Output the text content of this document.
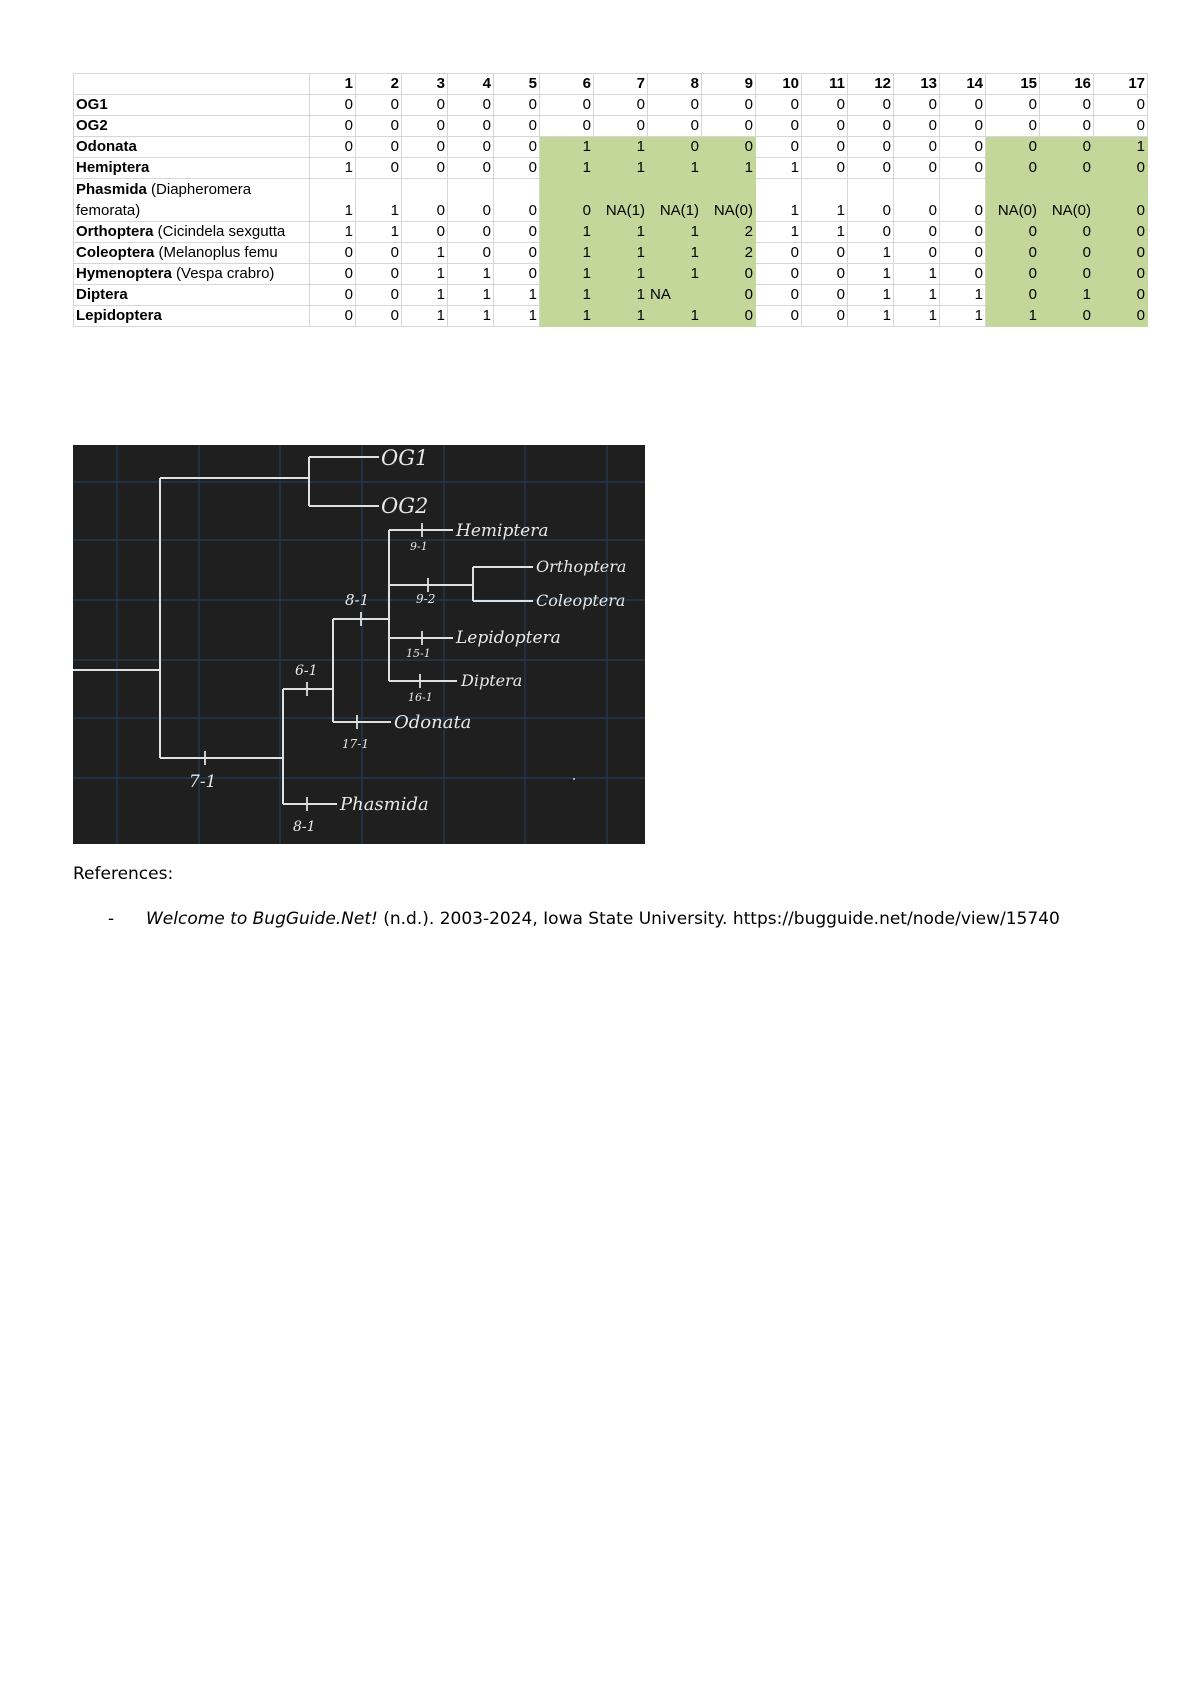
	1	2	3	4	5	6	7	8	9	10	11	12	13	14	15	16	17
OG1	0	0	0	0	0	0	0	0	0	0	0	0	0	0	0	0	0
OG2	0	0	0	0	0	0	0	0	0	0	0	0	0	0	0	0	0
Odonata	0	0	0	0	0	1	1	0	0	0	0	0	0	0	0	0	1
Hemiptera	1	0	0	0	0	1	1	1	1	1	0	0	0	0	0	0	0
Phasmida (Diapheromera femorata)	1	1	0	0	0	0	NA(1)	NA(1)	NA(0)	1	1	0	0	0	NA(0)	NA(0)	0
Orthoptera (Cicindela sexgutta	1	1	0	0	0	1	1	1	2	1	1	0	0	0	0	0	0
Coleoptera (Melanoplus femu	0	0	1	0	0	1	1	1	2	0	0	1	0	0	0	0	0
Hymenoptera (Vespa crabro)	0	0	1	1	0	1	1	1	0	0	0	1	1	0	0	0	0
Diptera	0	0	1	1	1	1	1	NA	0	0	0	1	1	1	0	1	0
Lepidoptera	0	0	1	1	1	1	1	1	0	0	0	1	1	1	1	0	0
OG1
OG2
Hemiptera
Orthoptera
Coleoptera
Lepidoptera
Diptera
Odonata
Phasmida
9-1
9-2
15-1
16-1
17-1
8-1
6-1
7-1
8-1
References:
- Welcome to BugGuide.Net! (n.d.). 2003-2024, Iowa State University. https://bugguide.net/node/view/15740
